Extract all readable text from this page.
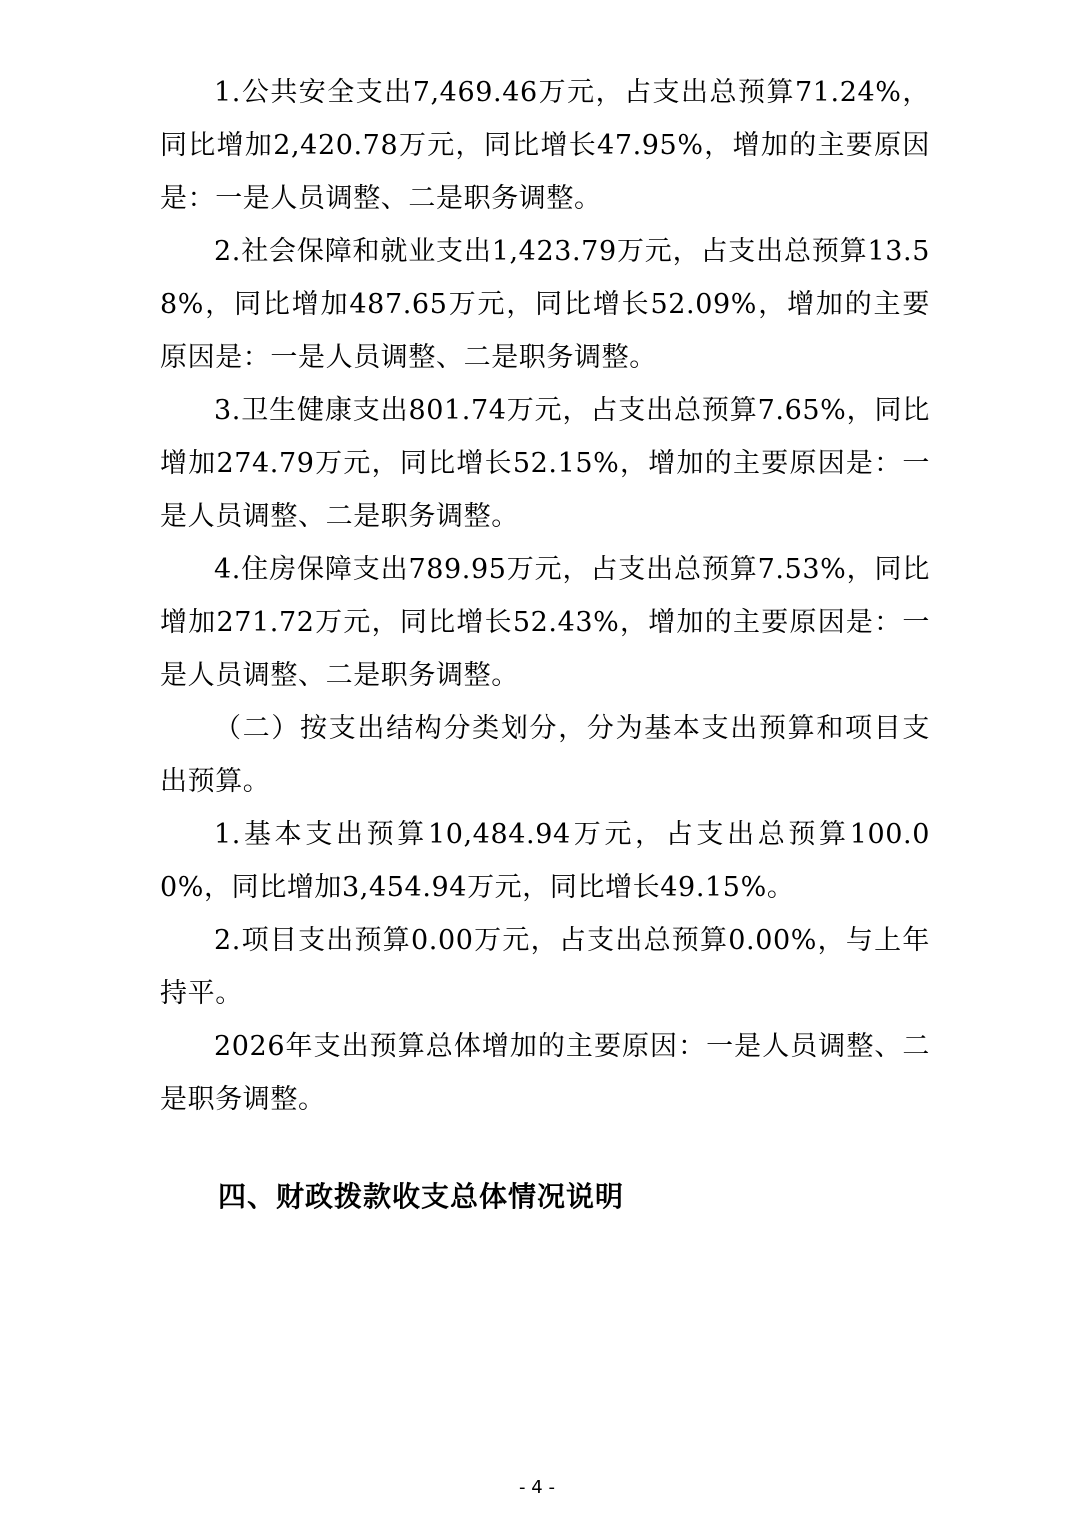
1.公共安全支出7,469.46万元，占支出总预算71.24%，同比增加2,420.78万元，同比增长47.95%，增加的主要原因是：一是人员调整、二是职务调整。

2.社会保障和就业支出1,423.79万元，占支出总预算13.58%，同比增加487.65万元，同比增长52.09%，增加的主要原因是：一是人员调整、二是职务调整。

3.卫生健康支出801.74万元，占支出总预算7.65%，同比增加274.79万元，同比增长52.15%，增加的主要原因是：一是人员调整、二是职务调整。

4.住房保障支出789.95万元，占支出总预算7.53%，同比增加271.72万元，同比增长52.43%，增加的主要原因是：一是人员调整、二是职务调整。

（二）按支出结构分类划分，分为基本支出预算和项目支出预算。

1.基本支出预算10,484.94万元，占支出总预算100.00%，同比增加3,454.94万元，同比增长49.15%。

2.项目支出预算0.00万元，占支出总预算0.00%，与上年持平。

2026年支出预算总体增加的主要原因：一是人员调整、二是职务调整。

四、财政拨款收支总体情况说明
- 4 -
